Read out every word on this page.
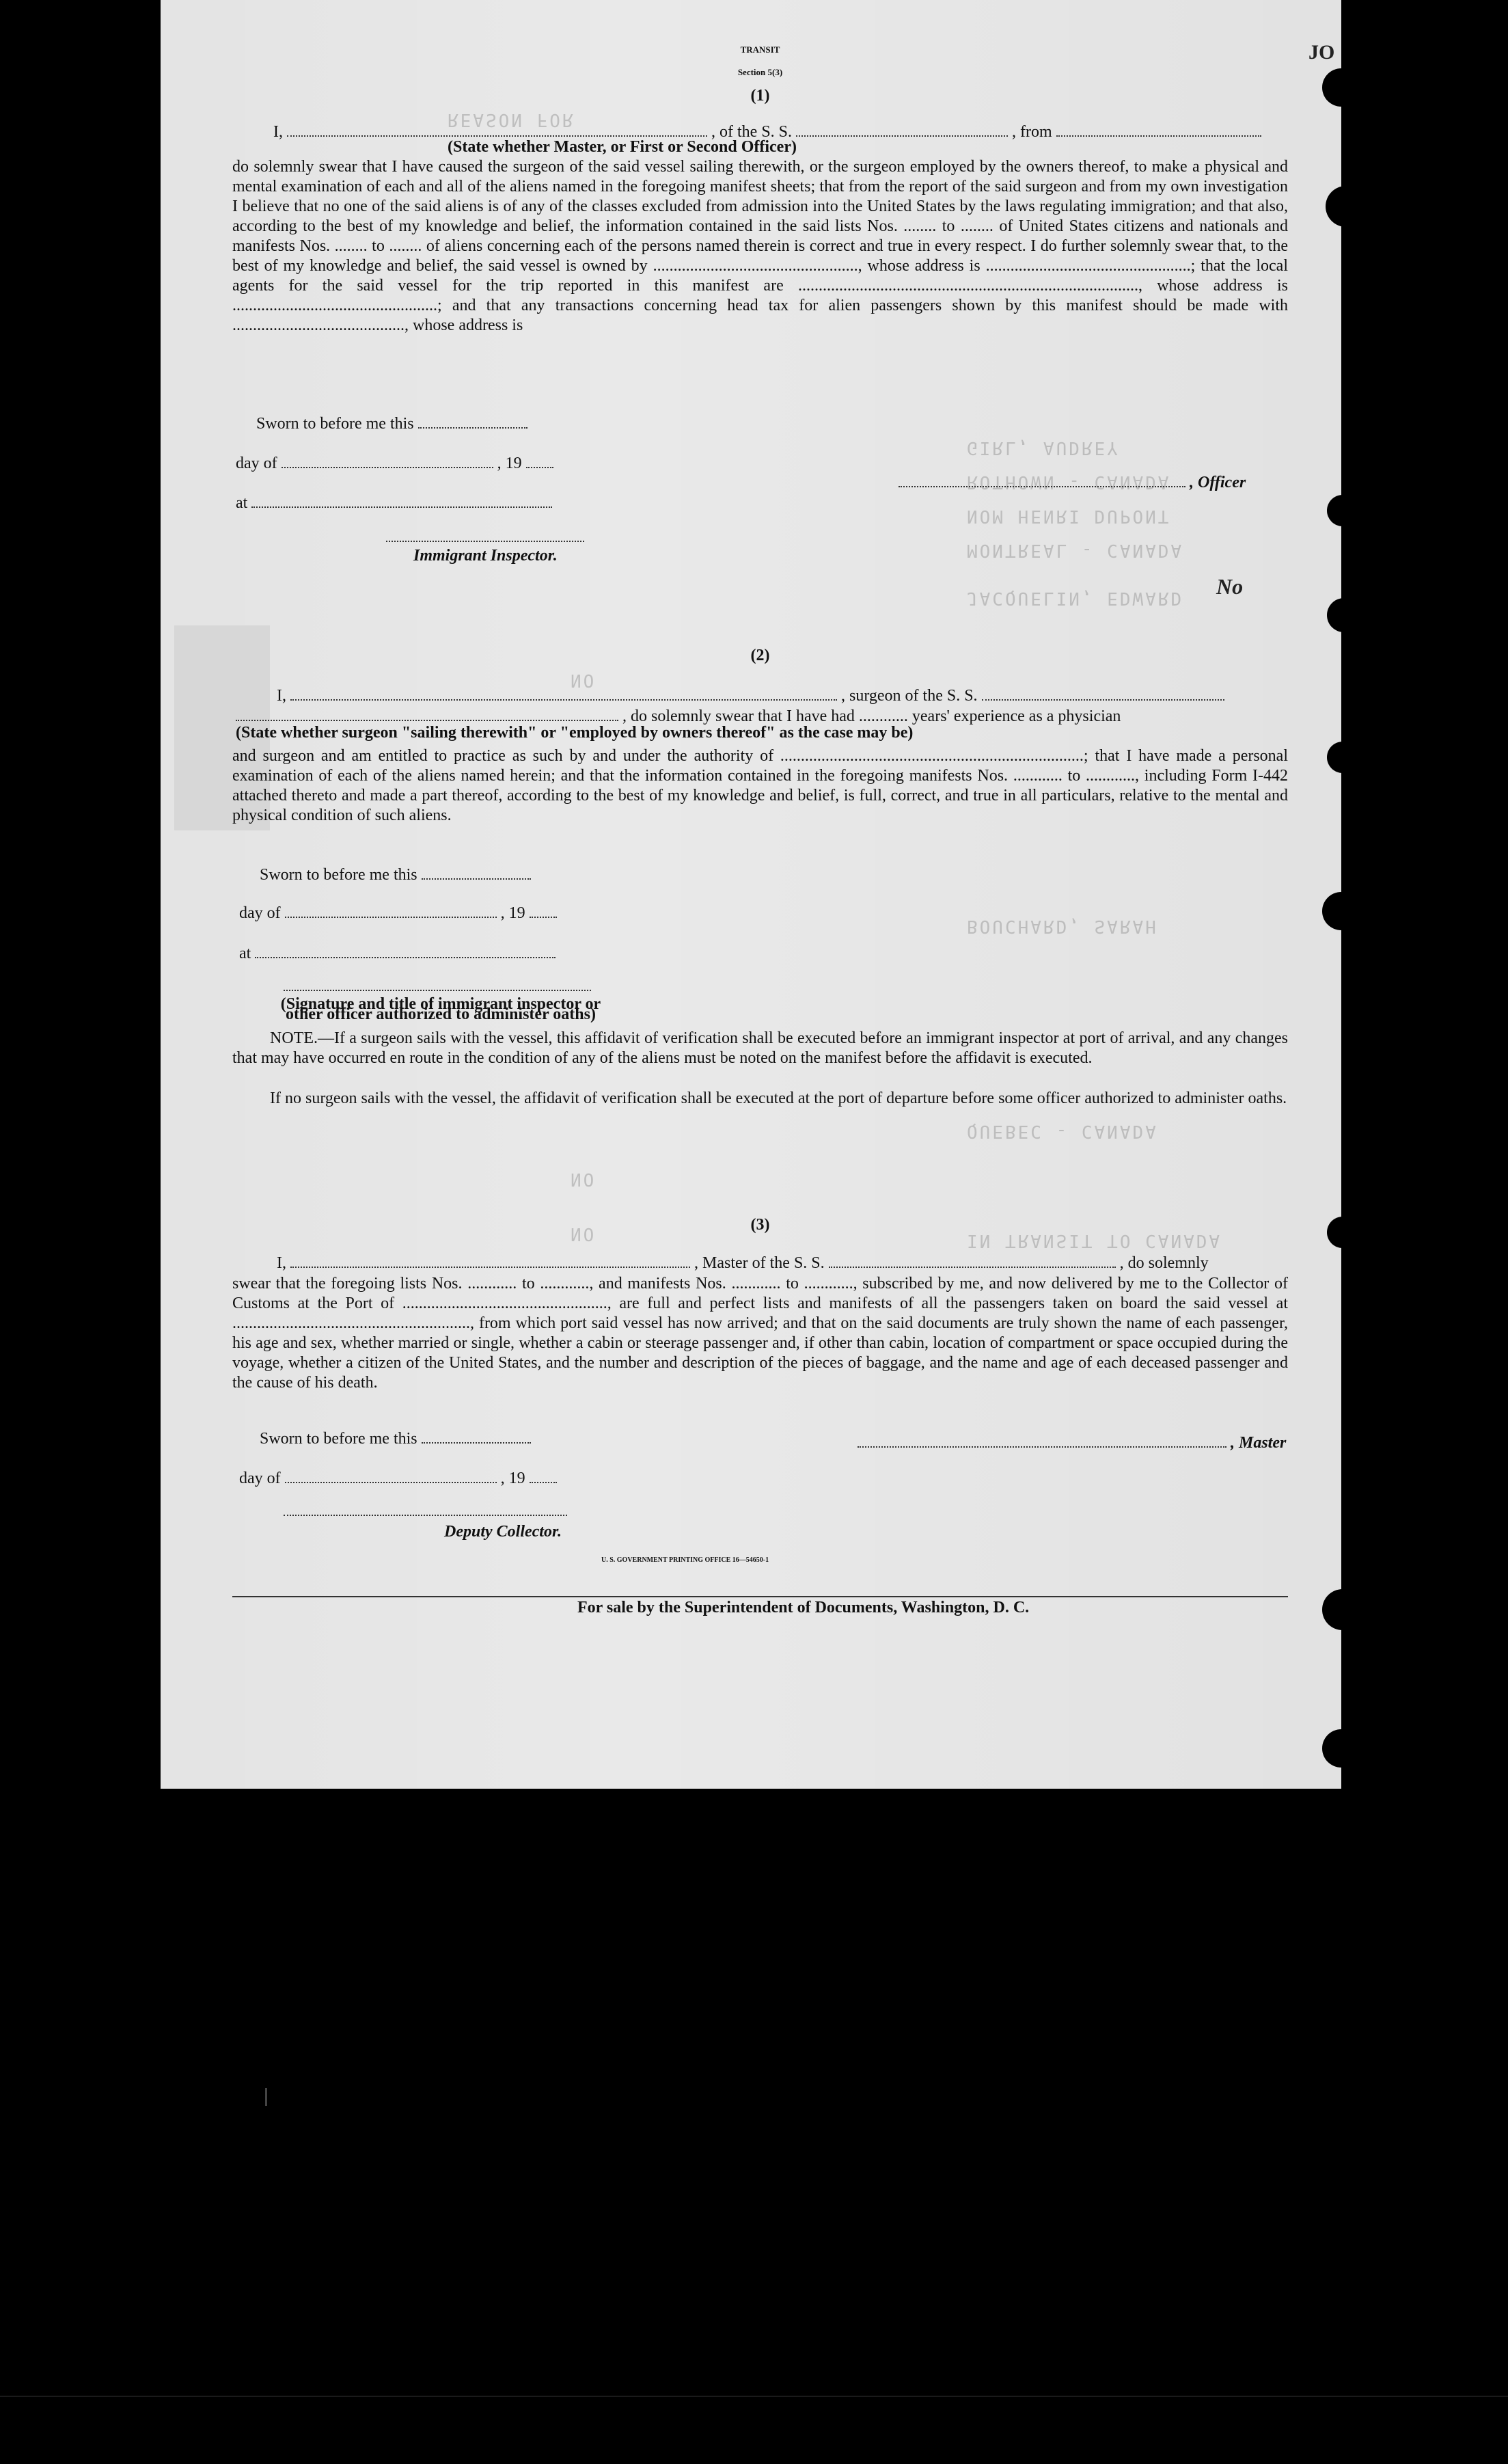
GIRL, AUDREY
ROTHOWN - CANADA
NOM HENRI DUPONT
MONTREAL - CANADA
JACQUELIN, EDWARD
BOUCHARD, SARAH
NO
REASON FOR
QUEBEC - CANADA
IN TRANSIT TO CANADA
NO
NO
JO
No
TRANSIT
Section 5(3)
(1)
I,	, of the S. S.	, from
(State whether Master, or First or Second Officer)
do solemnly swear that I have caused the surgeon of the said vessel sailing therewith, or the surgeon employed by the owners thereof, to make a physical and mental examination of each and all of the aliens named in the foregoing manifest sheets; that from the report of the said surgeon and from my own investigation I believe that no one of the said aliens is of any of the classes excluded from admission into the United States by the laws regulating immigration; and that also, according to the best of my knowledge and belief, the information contained in the said lists Nos. ........ to ........ of United States citizens and nationals and manifests Nos. ........ to ........ of aliens concerning each of the persons named therein is correct and true in every respect. I do further solemnly swear that, to the best of my knowledge and belief, the said vessel is owned by .................................................., whose address is ..................................................; that the local agents for the said vessel for the trip reported in this manifest are ..................................................................................., whose address is ..................................................; and that any transactions concerning head tax for alien passengers shown by this manifest should be made with .........................................., whose address is
Sworn to before me this
day of	, 19
, Officer
at
Immigrant Inspector.
(2)
I,	, surgeon of the S. S.
, do solemnly swear that I have had ............ years' experience as a physician
(State whether surgeon "sailing therewith" or "employed by owners thereof" as the case may be)
and surgeon and am entitled to practice as such by and under the authority of ..........................................................................; that I have made a personal examination of each of the aliens named herein; and that the information contained in the foregoing manifests Nos. ............ to ............, including Form I-442 attached thereto and made a part thereof, according to the best of my knowledge and belief, is full, correct, and true in all particulars, relative to the mental and physical condition of such aliens.
Sworn to before me this
day of	, 19
at
(Signature and title of immigrant inspector or other officer authorized to administer oaths)
NOTE.—If a surgeon sails with the vessel, this affidavit of verification shall be executed before an immigrant inspector at port of arrival, and any changes that may have occurred en route in the condition of any of the aliens must be noted on the manifest before the affidavit is executed.
If no surgeon sails with the vessel, the affidavit of verification shall be executed at the port of departure before some officer authorized to administer oaths.
(3)
I,	, Master of the S. S.	, do solemnly
swear that the foregoing lists Nos. ............ to ............, and manifests Nos. ............ to ............, subscribed by me, and now delivered by me to the Collector of Customs at the Port of .................................................., are full and perfect lists and manifests of all the passengers taken on board the said vessel at .........................................................., from which port said vessel has now arrived; and that on the said documents are truly shown the name of each passenger, his age and sex, whether married or single, whether a cabin or steerage passenger and, if other than cabin, location of compartment or space occupied during the voyage, whether a citizen of the United States, and the number and description of the pieces of baggage, and the name and age of each deceased passenger and the cause of his death.
Sworn to before me this	, Master
day of	, 19
Deputy Collector.
U. S. GOVERNMENT PRINTING OFFICE 16—54650-1
For sale by the Superintendent of Documents, Washington, D. C.
